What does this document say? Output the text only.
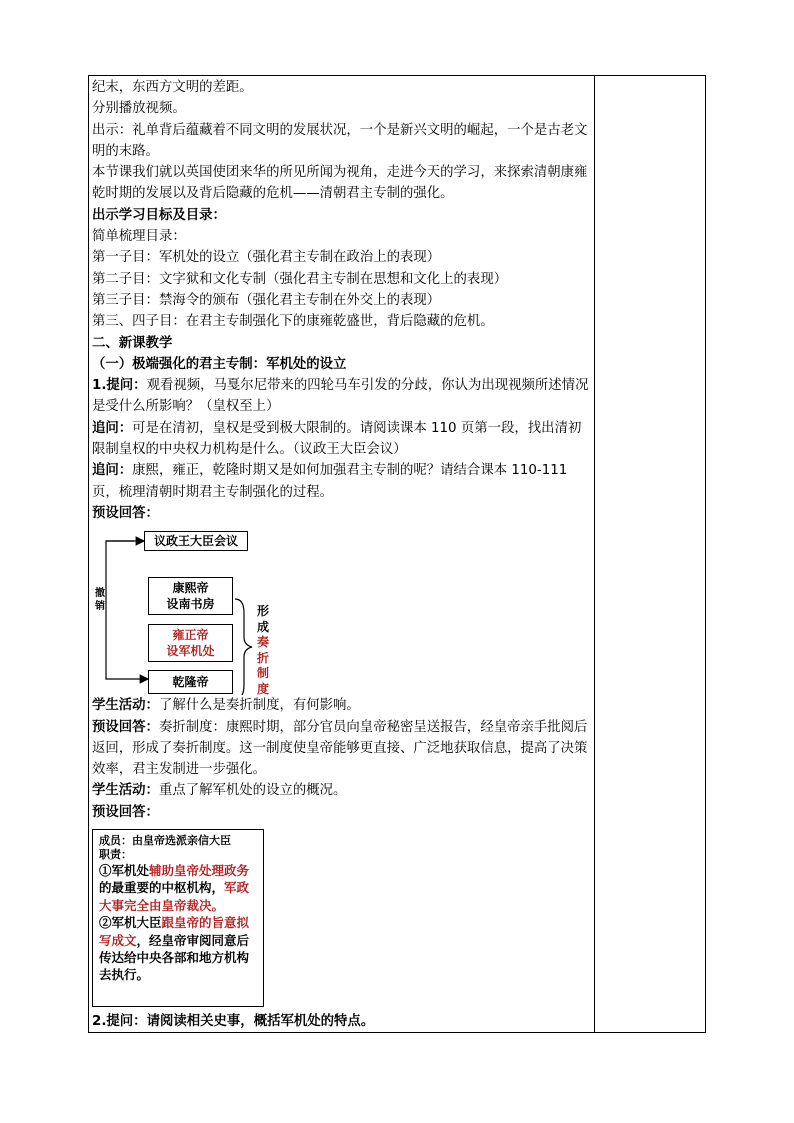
纪末，东西方文明的差距。

分别播放视频。

出示：礼单背后蕴藏着不同文明的发展状况，一个是新兴文明的崛起，一个是古老文明的末路。

本节课我们就以英国使团来华的所见所闻为视角，走进今天的学习，来探索清朝康雍乾时期的发展以及背后隐藏的危机——清朝君主专制的强化。

出示学习目标及目录：

简单梳理目录：

第一子目：军机处的设立（强化君主专制在政治上的表现）

第二子目：文字狱和文化专制（强化君主专制在思想和文化上的表现）

第三子目：禁海令的颁布（强化君主专制在外交上的表现）

第三、四子目：在君主专制强化下的康雍乾盛世，背后隐藏的危机。

二、新课教学

（一）极端强化的君主专制：军机处的设立

1.提问：观看视频，马戛尔尼带来的四轮马车引发的分歧，你认为出现视频所述情况是受什么所影响？（皇权至上）

追问：可是在清初，皇权是受到极大限制的。请阅读课本 110 页第一段，找出清初限制皇权的中央权力机构是什么。（议政王大臣会议）

追问：康熙，雍正，乾隆时期又是如何加强君主专制的呢？请结合课本 110-111 页，梳理清朝时期君主专制强化的过程。

预设回答：

议政王大臣会议
康熙帝
设南书房
雍正帝
设军机处
乾隆帝
撤销	形成
奏折制度

学生活动：了解什么是奏折制度，有何影响。

预设回答：奏折制度：康熙时期，部分官员向皇帝秘密呈送报告，经皇帝亲手批阅后返回，形成了奏折制度。这一制度使皇帝能够更直接、广泛地获取信息，提高了决策效率，君主发制进一步强化。

学生活动：重点了解军机处的设立的概况。

预设回答：

成员：由皇帝选派亲信大臣

职责：

①军机处辅助皇帝处理政务的最重要的中枢机构，军政大事完全由皇帝裁决。

②军机大臣跟皇帝的旨意拟写成文，经皇帝审阅同意后传达给中央各部和地方机构去执行。

2.提问：请阅读相关史事，概括军机处的特点。
